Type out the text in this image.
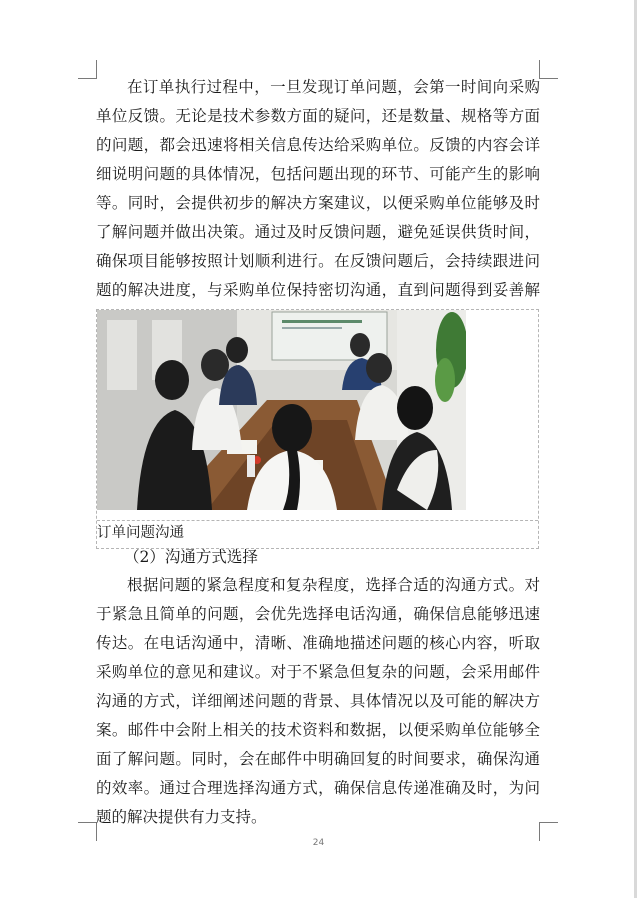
在订单执行过程中，一旦发现订单问题，会第一时间向采购单位反馈。无论是技术参数方面的疑问，还是数量、规格等方面的问题，都会迅速将相关信息传达给采购单位。反馈的内容会详细说明问题的具体情况，包括问题出现的环节、可能产生的影响等。同时，会提供初步的解决方案建议，以便采购单位能够及时了解问题并做出决策。通过及时反馈问题，避免延误供货时间，确保项目能够按照计划顺利进行。在反馈问题后，会持续跟进问题的解决进度，与采购单位保持密切沟通，直到问题得到妥善解

订单问题沟通
（2）沟通方式选择

根据问题的紧急程度和复杂程度，选择合适的沟通方式。对于紧急且简单的问题，会优先选择电话沟通，确保信息能够迅速传达。在电话沟通中，清晰、准确地描述问题的核心内容，听取采购单位的意见和建议。对于不紧急但复杂的问题，会采用邮件沟通的方式，详细阐述问题的背景、具体情况以及可能的解决方案。邮件中会附上相关的技术资料和数据，以便采购单位能够全面了解问题。同时，会在邮件中明确回复的时间要求，确保沟通的效率。通过合理选择沟通方式，确保信息传递准确及时，为问题的解决提供有力支持。

24
